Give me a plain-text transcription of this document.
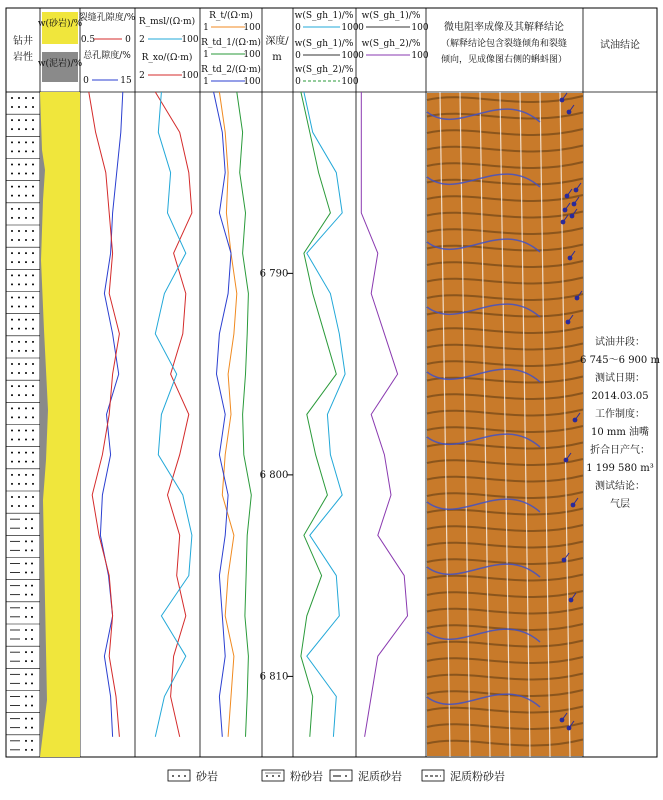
钻井
岩性
w(砂岩)/%
w(泥岩)/%
裂缝孔隙度/%
0.5	0
总孔隙度/%
0	15
R_msl/(Ω·m)
2	100
R_xo/(Ω·m)
2	100
R_t/(Ω·m)
1	100
R_td_1/(Ω·m)
1	100
R_td_2/(Ω·m)
1	100
深度/
m
w(S_gh_1)/%
0	100
w(S_gh_1)/%
0	100
w(S_gh_2)/%
0	100
w(S_gh_1)/%
0	100
w(S_gh_2)/%
0	100
微电阻率成像及其解释结论
（解释结论包含裂缝倾角和裂缝
倾向，见成像图右侧的蝌蚪图）
试油结论
6 790
6 800
6 810
试油井段：
6 745～6 900 m
测试日期：
2014.03.05
工作制度：
10 mm 油嘴
折合日产气：
1 199 580 m³
测试结论：
气层
砂岩	粉砂岩	泥质砂岩	泥质粉砂岩
